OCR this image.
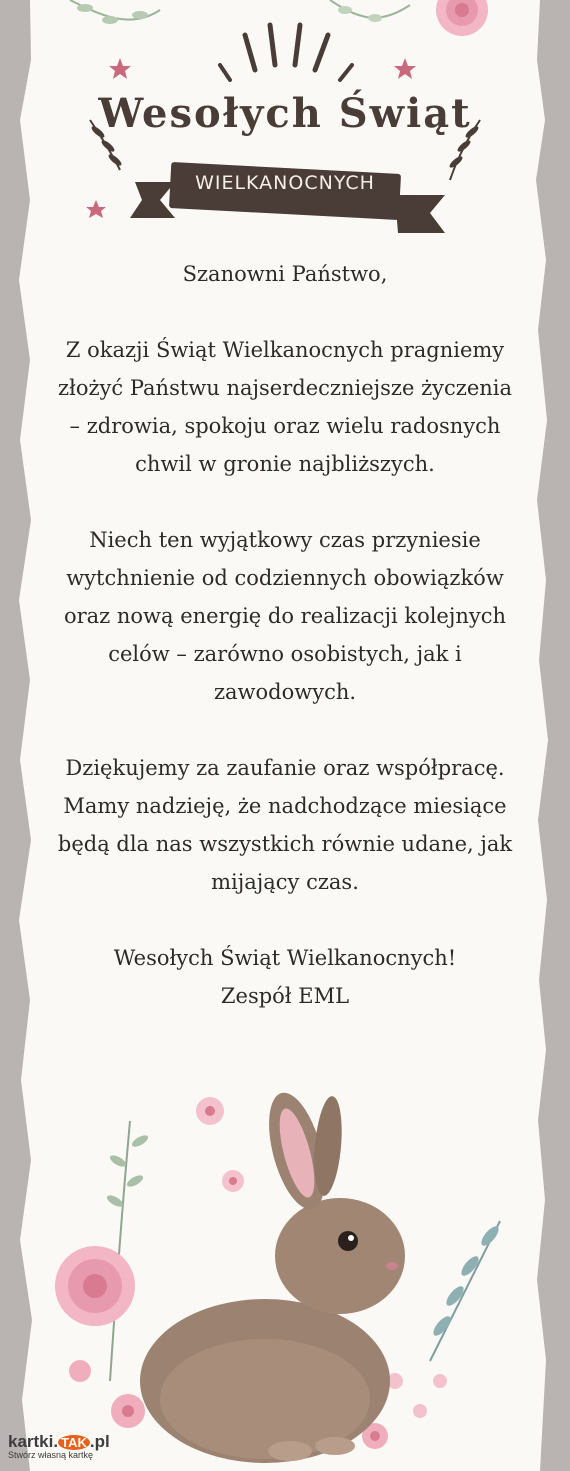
Wesołych Świąt
WIELKANOCNYCH

Szanowni Państwo,

Z okazji Świąt Wielkanocnych pragniemy

złożyć Państwu najserdeczniejsze życzenia

– zdrowia, spokoju oraz wielu radosnych

chwil w gronie najbliższych.

Niech ten wyjątkowy czas przyniesie

wytchnienie od codziennych obowiązków

oraz nową energię do realizacji kolejnych

celów – zarówno osobistych, jak i

zawodowych.

Dziękujemy za zaufanie oraz współpracę.

Mamy nadzieję, że nadchodzące miesiące

będą dla nas wszystkich równie udane, jak

mijający czas.

Wesołych Świąt Wielkanocnych!

Zespół EML

kartki. TAK .pl
Stwórz własną kartkę
